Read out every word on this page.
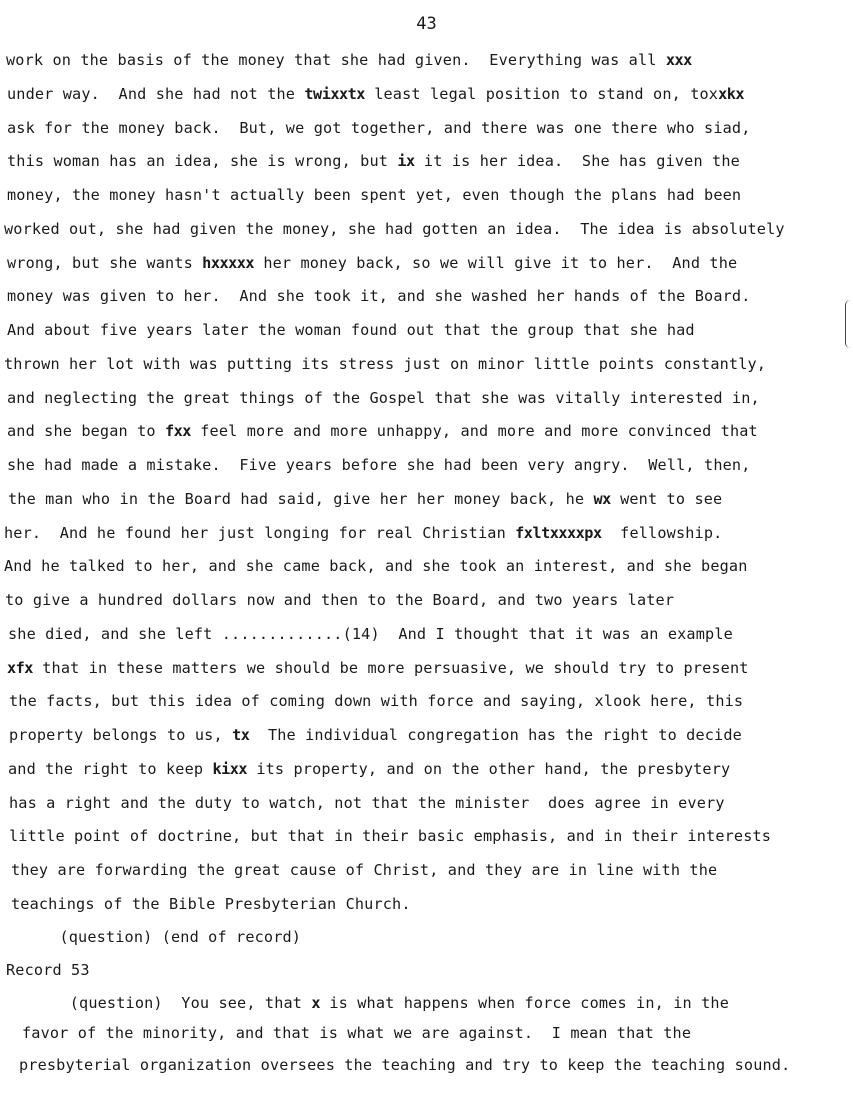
43
work on the basis of the money that she had given.  Everything was all xxx
under way.  And she had not the twixxtx least legal position to stand on, toxxkx
ask for the money back.  But, we got together, and there was one there who siad,
this woman has an idea, she is wrong, but ix it is her idea.  She has given the
money, the money hasn't actually been spent yet, even though the plans had been
worked out, she had given the money, she had gotten an idea.  The idea is absolutely
wrong, but she wants hxxxxx her money back, so we will give it to her.  And the
money was given to her.  And she took it, and she washed her hands of the Board.
And about five years later the woman found out that the group that she had
thrown her lot with was putting its stress just on minor little points constantly,
and neglecting the great things of the Gospel that she was vitally interested in,
and she began to fxx feel more and more unhappy, and more and more convinced that
she had made a mistake.  Five years before she had been very angry.  Well, then,
the man who in the Board had said, give her her money back, he wx went to see
her.  And he found her just longing for real Christian fxltxxxxpx  fellowship.
And he talked to her, and she came back, and she took an interest, and she began
to give a hundred dollars now and then to the Board, and two years later
she died, and she left .............(14)  And I thought that it was an example
xfx that in these matters we should be more persuasive, we should try to present
the facts, but this idea of coming down with force and saying, xlook here, this
property belongs to us, tx  The individual congregation has the right to decide
and the right to keep kixx its property, and on the other hand, the presbytery
has a right and the duty to watch, not that the minister  does agree in every
little point of doctrine, but that in their basic emphasis, and in their interests
they are forwarding the great cause of Christ, and they are in line with the
teachings of the Bible Presbyterian Church.
(question) (end of record)
Record 53
(question)  You see, that x is what happens when force comes in, in the
favor of the minority, and that is what we are against.  I mean that the
presbyterial organization oversees the teaching and try to keep the teaching sound.
